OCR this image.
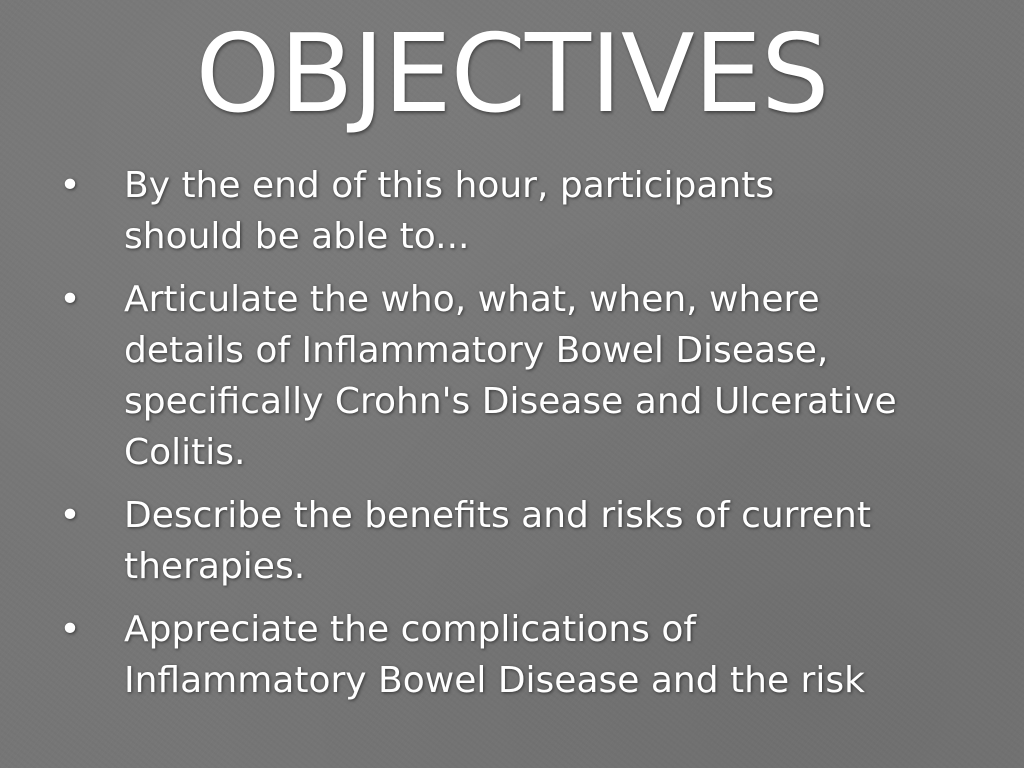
OBJECTIVES
• By the end of this hour, participants should be able to...
• Articulate the who, what, when, where details of Inflammatory Bowel Disease, specifically Crohn's Disease and Ulcerative Colitis.
• Describe the benefits and risks of current therapies.
• Appreciate the complications of Inflammatory Bowel Disease and the risk
